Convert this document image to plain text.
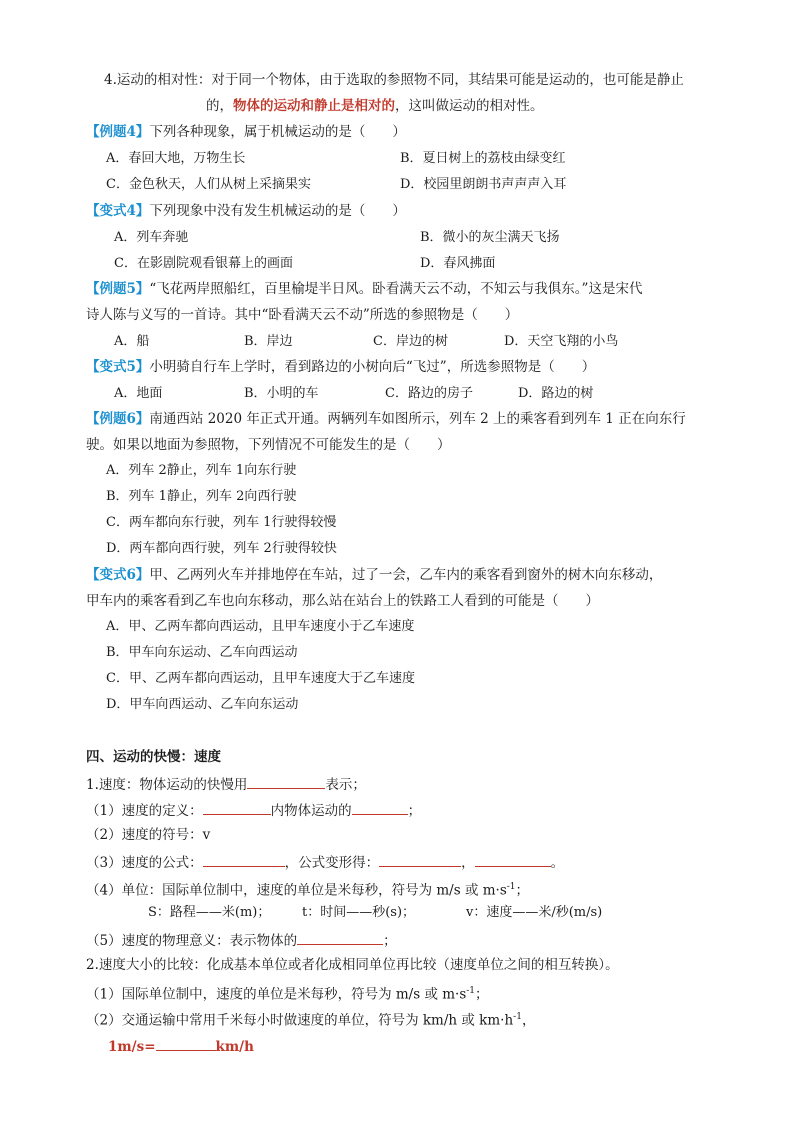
4.运动的相对性：对于同一个物体，由于选取的参照物不同，其结果可能是运动的，也可能是静止
的，物体的运动和静止是相对的，这叫做运动的相对性。
【例题4】下列各种现象，属于机械运动的是（　　）
A．春回大地，万物生长	B．夏日树上的荔枝由绿变红
C．金色秋天，人们从树上采摘果实	D．校园里朗朗书声声声入耳
【变式4】下列现象中没有发生机械运动的是（　　）
A．列车奔驰	B．微小的灰尘满天飞扬
C．在影剧院观看银幕上的画面	D．春风拂面
【例题5】“飞花两岸照船红，百里榆堤半日风。卧看满天云不动，不知云与我俱东。”这是宋代
诗人陈与义写的一首诗。其中“卧看满天云不动”所选的参照物是（　　）
A．船	B．岸边	C．岸边的树	D．天空飞翔的小鸟
【变式5】小明骑自行车上学时，看到路边的小树向后“飞过”，所选参照物是（　　）
A．地面	B．小明的车	C．路边的房子	D．路边的树
【例题6】南通西站 2020 年正式开通。两辆列车如图所示，列车 2 上的乘客看到列车 1 正在向东行
驶。如果以地面为参照物，下列情况不可能发生的是（　　）
A．列车 2静止，列车 1向东行驶
B．列车 1静止，列车 2向西行驶
C．两车都向东行驶，列车 1行驶得较慢
D．两车都向西行驶，列车 2行驶得较快
【变式6】甲、乙两列火车并排地停在车站，过了一会，乙车内的乘客看到窗外的树木向东移动，
甲车内的乘客看到乙车也向东移动，那么站在站台上的铁路工人看到的可能是（　　）
A．甲、乙两车都向西运动，且甲车速度小于乙车速度
B．甲车向东运动、乙车向西运动
C．甲、乙两车都向西运动，且甲车速度大于乙车速度
D．甲车向西运动、乙车向东运动
四、运动的快慢：速度
1.速度：物体运动的快慢用	表示；
（1）速度的定义：	内物体运动的	；
（2）速度的符号：v
（3）速度的公式：	，公式变形得：	，	。
（4）单位：国际单位制中，速度的单位是米每秒，符号为 m/s 或 $m\cdot s^{-1}$；
S：路程——米(m)； t：时间——秒(s)；	v：速度——米/秒(m/s)
（5）速度的物理意义：表示物体的	；
2.速度大小的比较：化成基本单位或者化成相同单位再比较（速度单位之间的相互转换）。
（1）国际单位制中，速度的单位是米每秒，符号为 m/s 或 $m\cdot s^{-1}$；
（2）交通运输中常用千米每小时做速度的单位，符号为 km/h 或 $km\cdot h^{-1}$，
1m/s=	km/h
